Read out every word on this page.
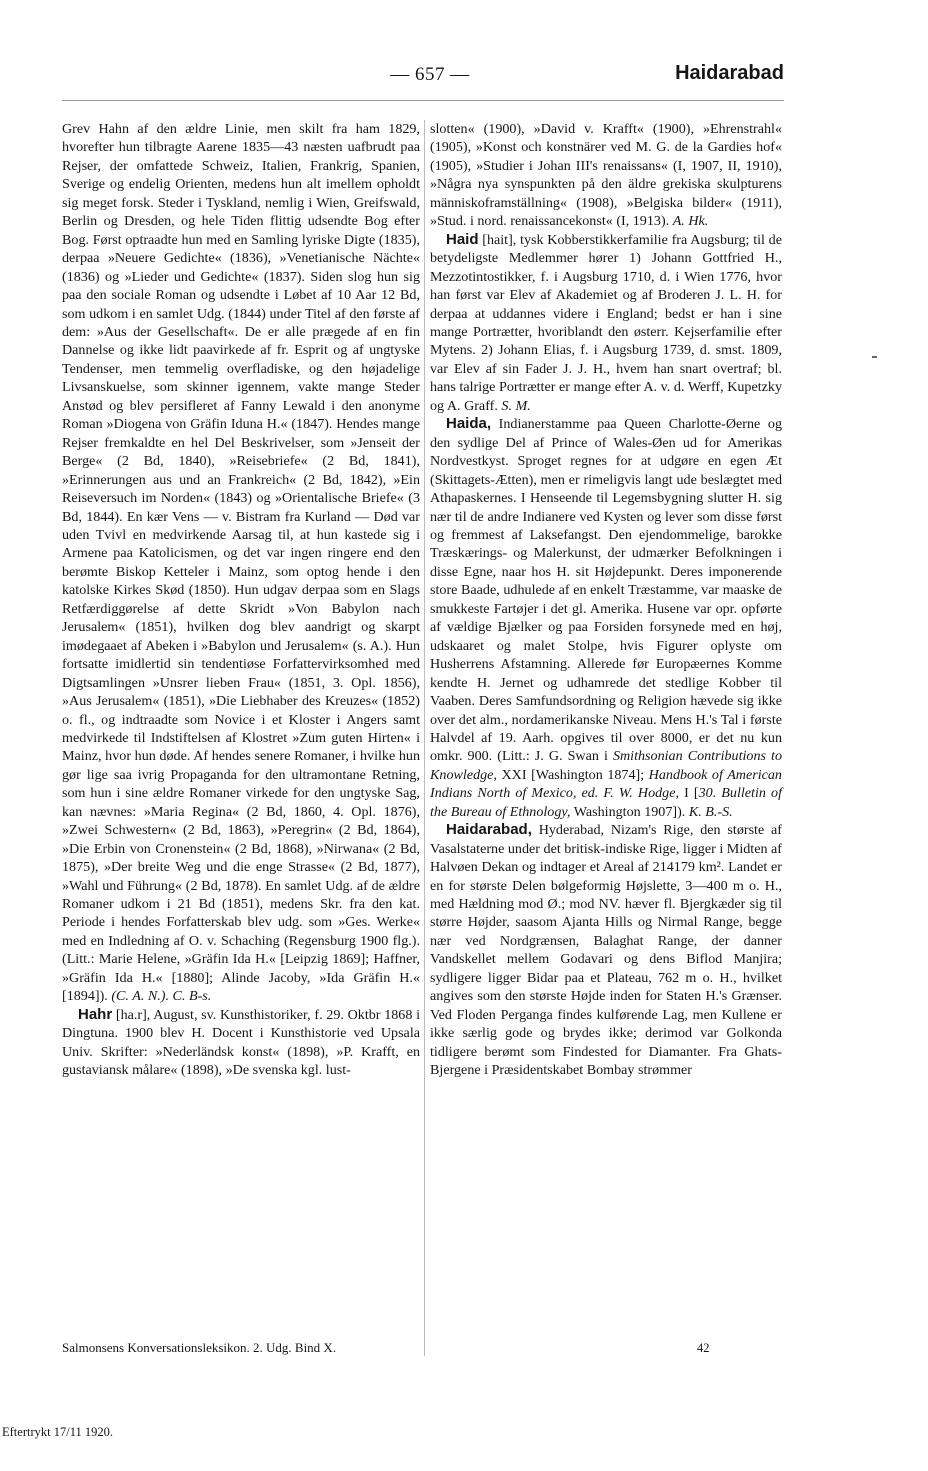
— 657 —	Haidarabad

Grev Hahn af den ældre Linie, men skilt fra ham 1829, hvorefter hun tilbragte Aarene 1835—43 næsten uafbrudt paa Rejser, der omfattede Schweiz, Italien, Frankrig, Spanien, Sverige og endelig Orienten, medens hun alt imellem opholdt sig meget forsk. Steder i Tyskland, nemlig i Wien, Greifswald, Berlin og Dresden, og hele Tiden flittig udsendte Bog efter Bog. Først optraadte hun med en Samling lyriske Digte (1835), derpaa »Neuere Gedichte« (1836), »Venetianische Nächte« (1836) og »Lieder und Gedichte« (1837). Siden slog hun sig paa den sociale Roman og udsendte i Løbet af 10 Aar 12 Bd, som udkom i en samlet Udg. (1844) under Titel af den første af dem: »Aus der Gesellschaft«. De er alle prægede af en fin Dannelse og ikke lidt paavirkede af fr. Esprit og af ungtyske Tendenser, men temmelig overfladiske, og den højadelige Livsanskuelse, som skinner igennem, vakte mange Steder Anstød og blev persifleret af Fanny Lewald i den anonyme Roman »Diogena von Gräfin Iduna H.« (1847). Hendes mange Rejser fremkaldte en hel Del Beskrivelser, som »Jenseit der Berge« (2 Bd, 1840), »Reisebriefe« (2 Bd, 1841), »Erinnerungen aus und an Frankreich« (2 Bd, 1842), »Ein Reiseversuch im Norden« (1843) og »Orientalische Briefe« (3 Bd, 1844). En kær Vens — v. Bistram fra Kurland — Død var uden Tvivl en medvirkende Aarsag til, at hun kastede sig i Armene paa Katolicismen, og det var ingen ringere end den berømte Biskop Ketteler i Mainz, som optog hende i den katolske Kirkes Skød (1850). Hun udgav derpaa som en Slags Retfærdiggørelse af dette Skridt »Von Babylon nach Jerusalem« (1851), hvilken dog blev aandrigt og skarpt imødegaaet af Abeken i »Babylon und Jerusalem« (s. A.). Hun fortsatte imidlertid sin tendentiøse Forfattervirksomhed med Digtsamlingen »Unsrer lieben Frau« (1851, 3. Opl. 1856), »Aus Jerusalem« (1851), »Die Liebhaber des Kreuzes« (1852) o. fl., og indtraadte som Novice i et Kloster i Angers samt medvirkede til Indstiftelsen af Klostret »Zum guten Hirten« i Mainz, hvor hun døde. Af hendes senere Romaner, i hvilke hun gør lige saa ivrig Propaganda for den ultramontane Retning, som hun i sine ældre Romaner virkede for den ungtyske Sag, kan nævnes: »Maria Regina« (2 Bd, 1860, 4. Opl. 1876), »Zwei Schwestern« (2 Bd, 1863), »Peregrin« (2 Bd, 1864), »Die Erbin von Cronenstein« (2 Bd, 1868), »Nirwana« (2 Bd, 1875), »Der breite Weg und die enge Strasse« (2 Bd, 1877), »Wahl und Führung« (2 Bd, 1878). En samlet Udg. af de ældre Romaner udkom i 21 Bd (1851), medens Skr. fra den kat. Periode i hendes Forfatterskab blev udg. som »Ges. Werke« med en Indledning af O. v. Schaching (Regensburg 1900 flg.). (Litt.: Marie Helene, »Gräfin Ida H.« [Leipzig 1869]; Haffner, »Gräfin Ida H.« [1880]; Alinde Jacoby, »Ida Gräfin H.« [1894]). (C. A. N.). C. B-s.

Hahr [ha.r], August, sv. Kunsthistoriker, f. 29. Oktbr 1868 i Dingtuna. 1900 blev H. Docent i Kunsthistorie ved Upsala Univ. Skrifter: »Nederländsk konst« (1898), »P. Krafft, en gustaviansk målare« (1898), »De svenska kgl. lust-

slotten« (1900), »David v. Krafft« (1900), »Ehrenstrahl« (1905), »Konst och konstnärer ved M. G. de la Gardies hof« (1905), »Studier i Johan III's renaissans« (I, 1907, II, 1910), »Några nya synspunkten på den äldre grekiska skulpturens människoframställning« (1908), »Belgiska bilder« (1911), »Stud. i nord. renaissancekonst« (I, 1913). A. Hk.

Haid [hait], tysk Kobberstikkerfamilie fra Augsburg; til de betydeligste Medlemmer hører 1) Johann Gottfried H., Mezzotintostikker, f. i Augsburg 1710, d. i Wien 1776, hvor han først var Elev af Akademiet og af Broderen J. L. H. for derpaa at uddannes videre i England; bedst er han i sine mange Portrætter, hvoriblandt den østerr. Kejserfamilie efter Mytens. 2) Johann Elias, f. i Augsburg 1739, d. smst. 1809, var Elev af sin Fader J. J. H., hvem han snart overtraf; bl. hans talrige Portrætter er mange efter A. v. d. Werff, Kupetzky og A. Graff. S. M.

Haida, Indianerstamme paa Queen Charlotte-Øerne og den sydlige Del af Prince of Wales-Øen ud for Amerikas Nordvestkyst. Sproget regnes for at udgøre en egen Æt (Skittagets-Ætten), men er rimeligvis langt ude beslægtet med Athapaskernes. I Henseende til Legemsbygning slutter H. sig nær til de andre Indianere ved Kysten og lever som disse først og fremmest af Laksefangst. Den ejendommelige, barokke Træskærings- og Malerkunst, der udmærker Befolkningen i disse Egne, naar hos H. sit Højdepunkt. Deres imponerende store Baade, udhulede af en enkelt Træstamme, var maaske de smukkeste Fartøjer i det gl. Amerika. Husene var opr. opførte af vældige Bjælker og paa Forsiden forsynede med en høj, udskaaret og malet Stolpe, hvis Figurer oplyste om Husherrens Afstamning. Allerede før Europæernes Komme kendte H. Jernet og udhamrede det stedlige Kobber til Vaaben. Deres Samfundsordning og Religion hævede sig ikke over det alm., nordamerikanske Niveau. Mens H.'s Tal i første Halvdel af 19. Aarh. opgives til over 8000, er det nu kun omkr. 900. (Litt.: J. G. Swan i Smithsonian Contributions to Knowledge, XXI [Washington 1874]; Handbook of American Indians North of Mexico, ed. F. W. Hodge, I [30. Bulletin of the Bureau of Ethnology, Washington 1907]). K. B.-S.

Haidarabad, Hyderabad, Nizam's Rige, den største af Vasalstaterne under det britisk-indiske Rige, ligger i Midten af Halvøen Dekan og indtager et Areal af 214179 km². Landet er en for største Delen bølgeformig Højslette, 3—400 m o. H., med Hældning mod Ø.; mod NV. hæver fl. Bjergkæder sig til større Højder, saasom Ajanta Hills og Nirmal Range, begge nær ved Nordgrænsen, Balaghat Range, der danner Vandskellet mellem Godavari og dens Biflod Manjira; sydligere ligger Bidar paa et Plateau, 762 m o. H., hvilket angives som den største Højde inden for Staten H.'s Grænser. Ved Floden Perganga findes kulførende Lag, men Kullene er ikke særlig gode og brydes ikke; derimod var Golkonda tidligere berømt som Findested for Diamanter. Fra Ghats-Bjergene i Præsidentskabet Bombay strømmer

Salmonsens Konversationsleksikon. 2. Udg. Bind X.	42
Eftertrykt 17/11 1920.
